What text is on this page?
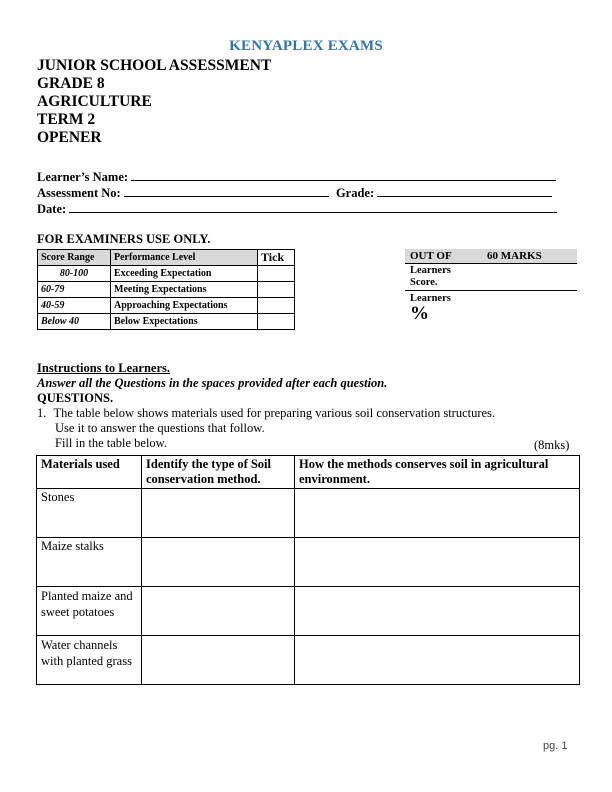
KENYAPLEX EXAMS
JUNIOR SCHOOL ASSESSMENT
GRADE 8
AGRICULTURE
TERM 2
OPENER
Learner’s Name:
Assessment No:	Grade:
Date:
FOR EXAMINERS USE ONLY.
Score Range	Performance Level	Tick
80-100	Exceeding Expectation	
60-79	Meeting Expectations	
40-59	Approaching Expectations	
Below 40	Below Expectations	
OUT OF	60 MARKS
Learners Score.
Learners
%
Instructions to Learners.
Answer all the Questions in the spaces provided after each question.
QUESTIONS.
1. The table below shows materials used for preparing various soil conservation structures.
Use it to answer the questions that follow.
Fill in the table below.	(8mks)
Materials used	Identify the type of Soil conservation method.	How the methods conserves soil in agricultural environment.
Stones		
Maize stalks		
Planted maize and sweet potatoes		
Water channels with planted grass		
pg. 1
